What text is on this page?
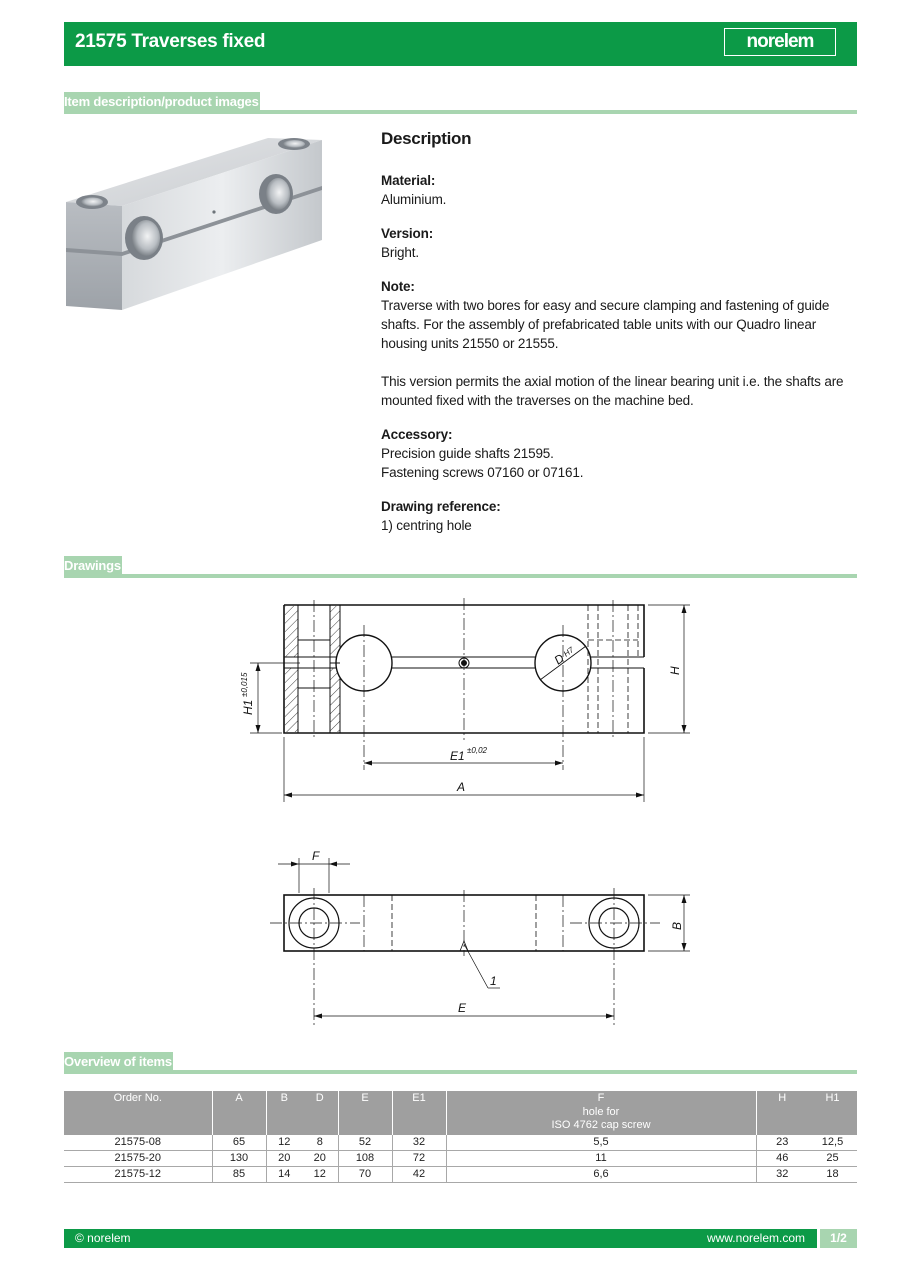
21575 Traverses fixed	norelem
Item description/product images
Description
Material:
Aluminium.
Version:
Bright.
Note:
Traverse with two bores for easy and secure clamping and fastening of guide shafts. For the assembly of prefabricated table units with our Quadro linear housing units 21550 or 21555.
This version permits the axial motion of the linear bearing unit i.e. the shafts are mounted fixed with the traverses on the machine bed.
Accessory:
Precision guide shafts 21595.
Fastening screws 07160 or 07161.
Drawing reference:
1) centring hole
Drawings
H1
±0,015
H
D
H7
E1 ±0,02
A
F
B
1
E
Overview of items
Order No.	A	B	D	E	E1	F
hole for
ISO 4762 cap screw	H	H1
21575-08	65	12	8	52	32	5,5	23	12,5
21575-20	130	20	20	108	72	11	46	25
21575-12	85	14	12	70	42	6,6	32	18
© norelem	www.norelem.com	1/2
